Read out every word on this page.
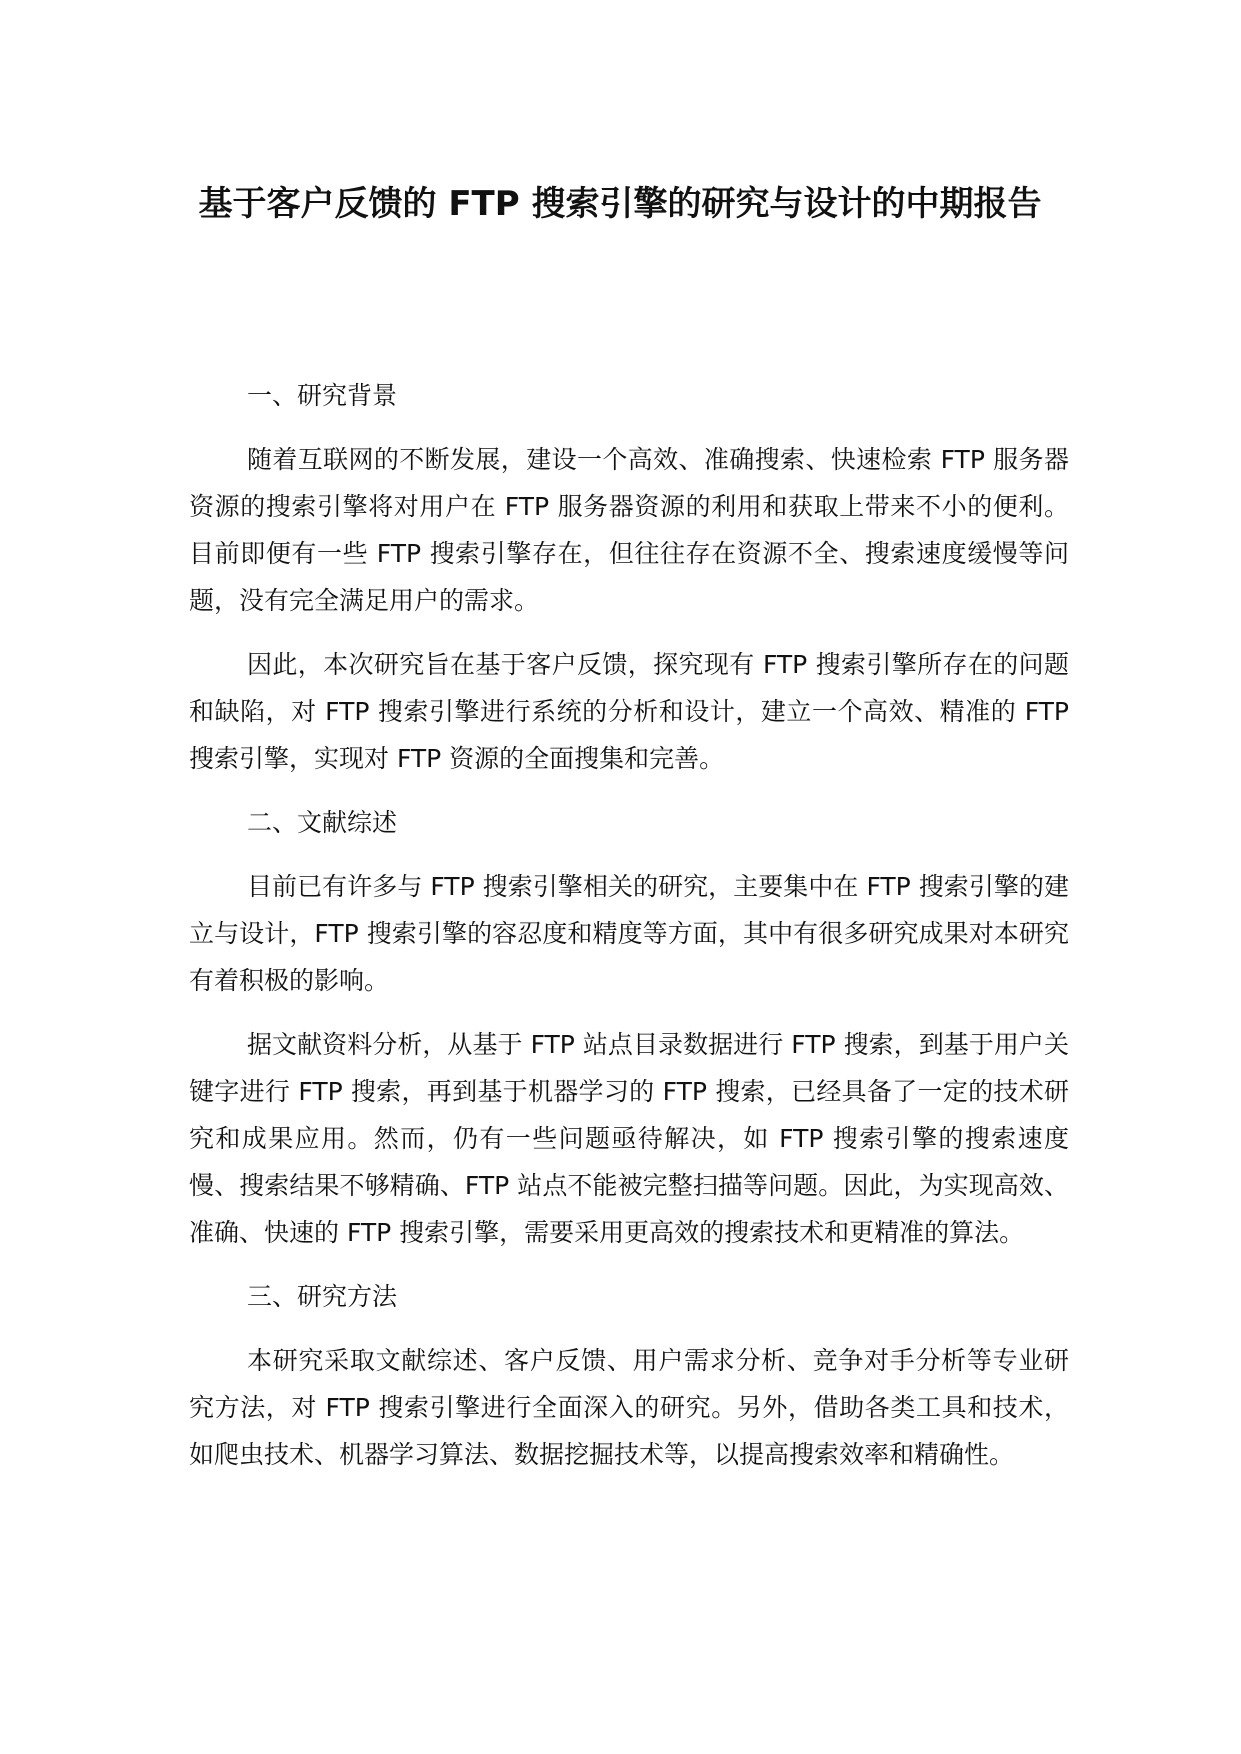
基于客户反馈的 FTP 搜索引擎的研究与设计的中期报告
一、研究背景

随着互联网的不断发展，建设一个高效、准确搜索、快速检索 FTP 服务器资源的搜索引擎将对用户在 FTP 服务器资源的利用和获取上带来不小的便利。目前即便有一些 FTP 搜索引擎存在，但往往存在资源不全、搜索速度缓慢等问题，没有完全满足用户的需求。

因此，本次研究旨在基于客户反馈，探究现有 FTP 搜索引擎所存在的问题和缺陷，对 FTP 搜索引擎进行系统的分析和设计，建立一个高效、精准的 FTP 搜索引擎，实现对 FTP 资源的全面搜集和完善。

二、文献综述

目前已有许多与 FTP 搜索引擎相关的研究，主要集中在 FTP 搜索引擎的建立与设计，FTP 搜索引擎的容忍度和精度等方面，其中有很多研究成果对本研究有着积极的影响。

据文献资料分析，从基于 FTP 站点目录数据进行 FTP 搜索，到基于用户关键字进行 FTP 搜索，再到基于机器学习的 FTP 搜索，已经具备了一定的技术研究和成果应用。然而，仍有一些问题亟待解决，如 FTP 搜索引擎的搜索速度慢、搜索结果不够精确、FTP 站点不能被完整扫描等问题。因此，为实现高效、准确、快速的 FTP 搜索引擎，需要采用更高效的搜索技术和更精准的算法。

三、研究方法

本研究采取文献综述、客户反馈、用户需求分析、竞争对手分析等专业研究方法，对 FTP 搜索引擎进行全面深入的研究。另外，借助各类工具和技术，如爬虫技术、机器学习算法、数据挖掘技术等，以提高搜索效率和精确性。
